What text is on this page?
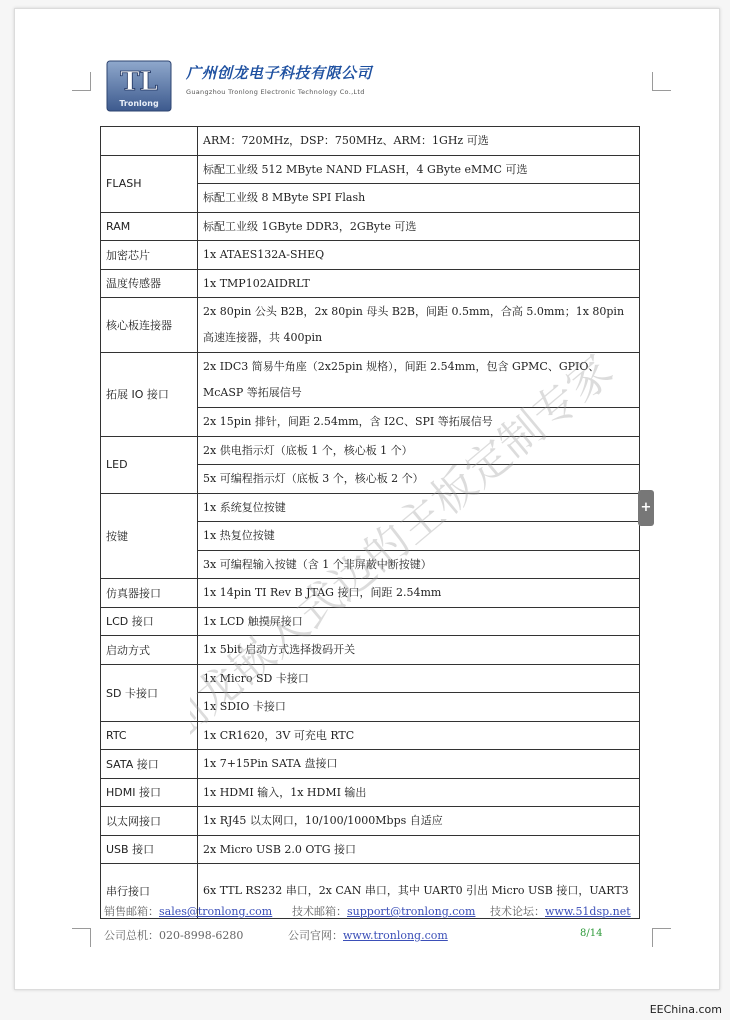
TL
Tronlong
广州创龙电子科技有限公司
Guangzhou Tronlong Electronic Technology Co.,Ltd
	ARM：720MHz，DSP：750MHz、ARM：1GHz 可选
FLASH	标配工业级 512 MByte NAND FLASH，4 GByte eMMC 可选
	标配工业级 8 MByte SPI Flash
RAM	标配工业级 1GByte DDR3，2GByte 可选
加密芯片	1x ATAES132A-SHEQ
温度传感器	1x TMP102AIDRLT
核心板连接器	2x 80pin 公头 B2B，2x 80pin 母头 B2B，间距 0.5mm，合高 5.0mm；1x 80pin 高速连接器，共 400pin
拓展 IO 接口	2x IDC3 简易牛角座（2x25pin 规格），间距 2.54mm，包含 GPMC、GPIO、McASP 等拓展信号
	2x 15pin 排针，间距 2.54mm，含 I2C、SPI 等拓展信号
LED	2x 供电指示灯（底板 1 个，核心板 1 个）
	5x 可编程指示灯（底板 3 个，核心板 2 个）
按键	1x 系统复位按键
	1x 热复位按键
	3x 可编程输入按键（含 1 个非屏蔽中断按键）
仿真器接口	1x 14pin TI Rev B JTAG 接口，间距 2.54mm
LCD 接口	1x LCD 触摸屏接口
启动方式	1x 5bit 启动方式选择拨码开关
SD 卡接口	1x Micro SD 卡接口
	1x SDIO 卡接口
RTC	1x CR1620，3V 可充电 RTC
SATA 接口	1x 7+15Pin SATA 盘接口
HDMI 接口	1x HDMI 输入，1x HDMI 输出
以太网接口	1x RJ45 以太网口，10/100/1000Mbps 自适应
USB 接口	2x Micro USB 2.0 OTG 接口
串行接口	6x TTL RS232 串口，2x CAN 串口，其中 UART0 引出 Micro USB 接口，UART3
销售邮箱：sales@tronlong.com 技术邮箱：support@tronlong.com 技术论坛：www.51dsp.net
公司总机：020-8998-6280	公司官网：www.tronlong.com	8/14
+
EEChina.com
